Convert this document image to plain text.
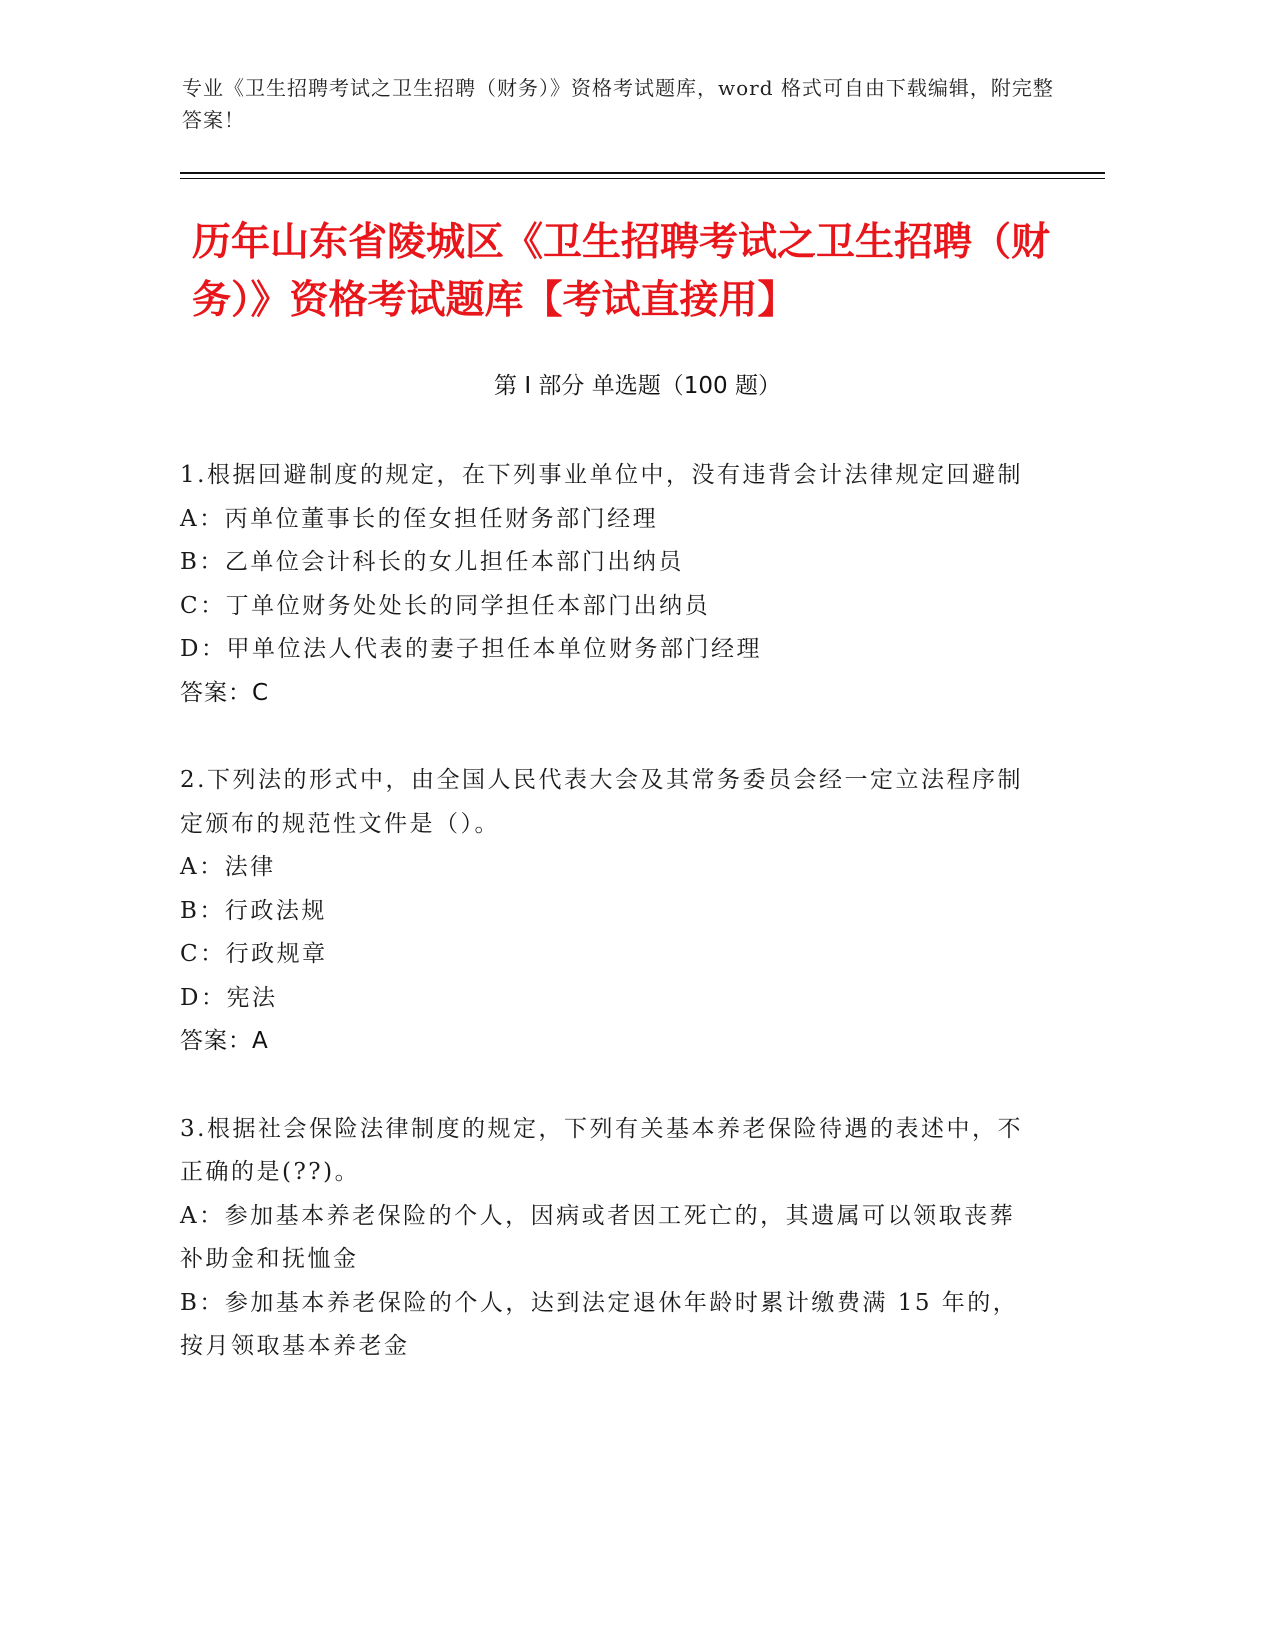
专业《卫生招聘考试之卫生招聘（财务）》资格考试题库，word 格式可自由下载编辑，附完整答案！
历年山东省陵城区《卫生招聘考试之卫生招聘（财务）》资格考试题库【考试直接用】
第 I 部分 单选题（100 题）

1.根据回避制度的规定，在下列事业单位中，没有违背会计法律规定回避制

A：丙单位董事长的侄女担任财务部门经理

B：乙单位会计科长的女儿担任本部门出纳员

C：丁单位财务处处长的同学担任本部门出纳员

D：甲单位法人代表的妻子担任本单位财务部门经理

答案：C

2.下列法的形式中，由全国人民代表大会及其常务委员会经一定立法程序制定颁布的规范性文件是（）。

A：法律

B：行政法规

C：行政规章

D：宪法

答案：A

3.根据社会保险法律制度的规定，下列有关基本养老保险待遇的表述中，不正确的是(??)。

A：参加基本养老保险的个人，因病或者因工死亡的，其遗属可以领取丧葬补助金和抚恤金

B：参加基本养老保险的个人，达到法定退休年龄时累计缴费满 15 年的，按月领取基本养老金
